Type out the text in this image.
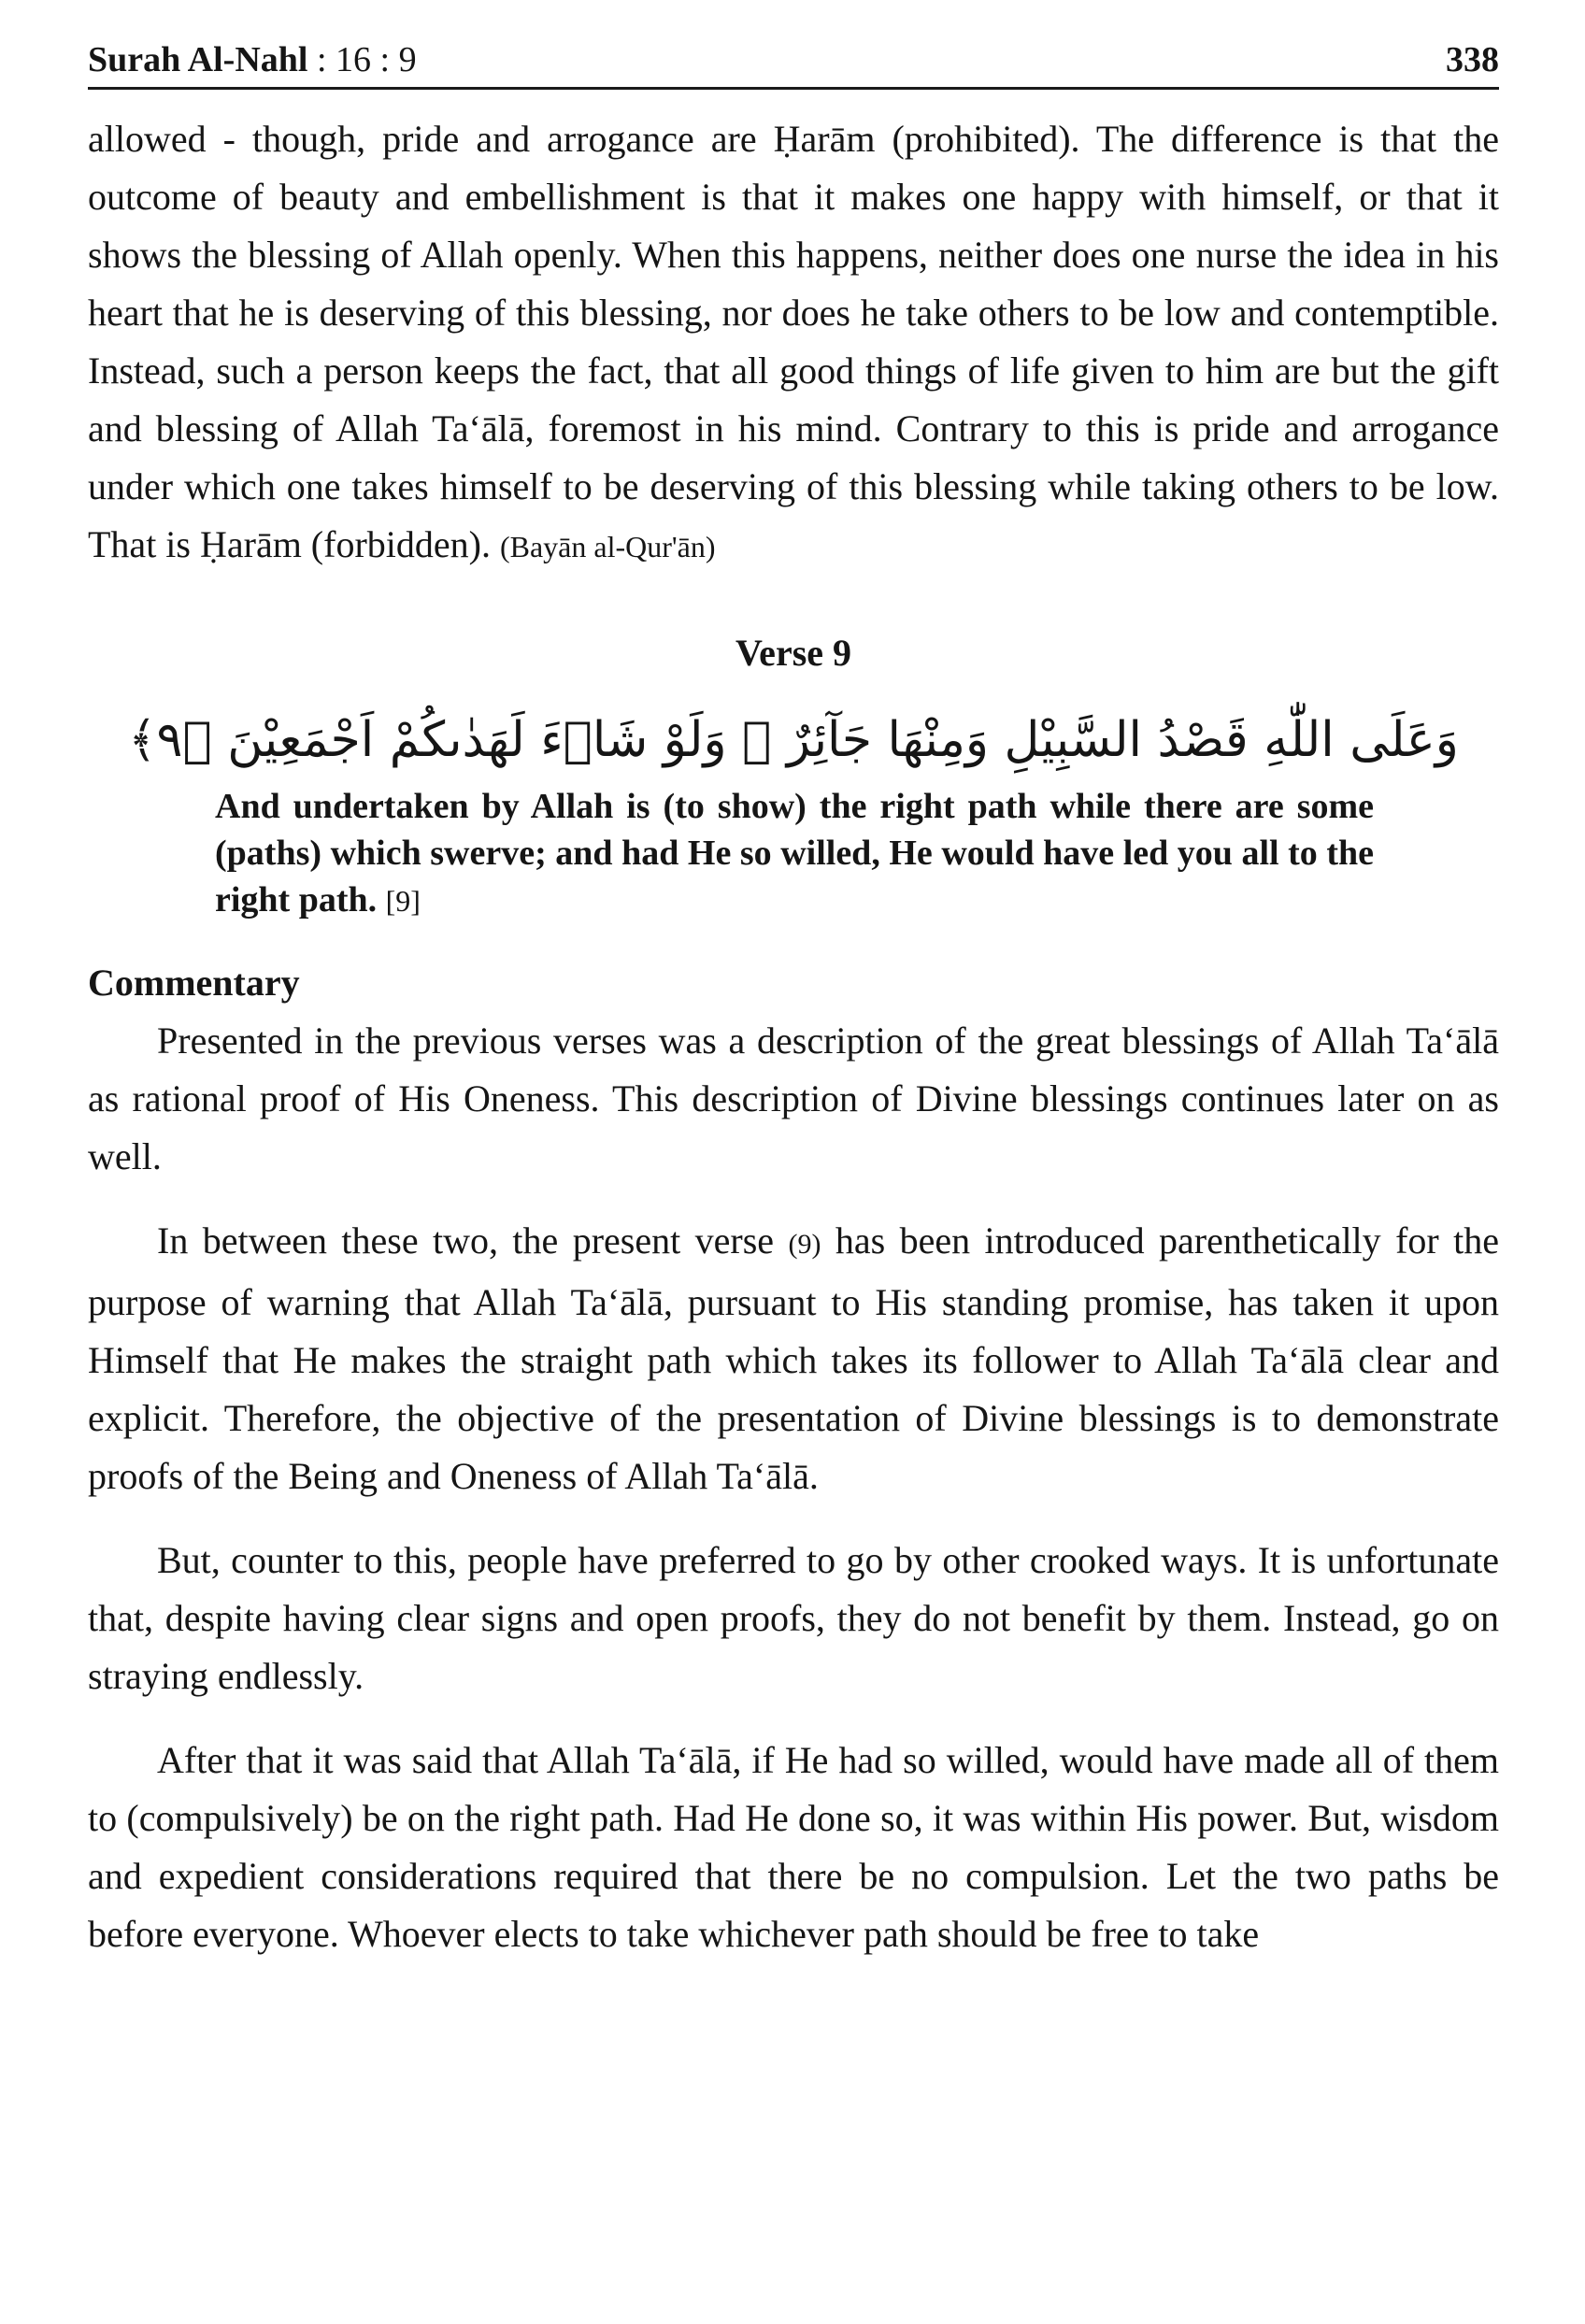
Surah Al-Nahl : 16 : 9	338

allowed - though, pride and arrogance are Ḥarām (prohibited). The difference is that the outcome of beauty and embellishment is that it makes one happy with himself, or that it shows the blessing of Allah openly. When this happens, neither does one nurse the idea in his heart that he is deserving of this blessing, nor does he take others to be low and contemptible. Instead, such a person keeps the fact, that all good things of life given to him are but the gift and blessing of Allah Ta‘ālā, foremost in his mind. Contrary to this is pride and arrogance under which one takes himself to be deserving of this blessing while taking others to be low. That is Ḥarām (forbidden). (Bayān al-Qur'ān)

Verse 9
وَعَلَى اللّٰهِ قَصْدُ السَّبِيْلِ وَمِنْهَا جَآئِرٌ ۭ وَلَوْ شَاۗءَ لَهَدٰىكُمْ اَجْمَعِيْنَ ﴿٩﴾
And undertaken by Allah is (to show) the right path while there are some (paths) which swerve; and had He so willed, He would have led you all to the right path. [9]
Commentary

Presented in the previous verses was a description of the great blessings of Allah Ta‘ālā as rational proof of His Oneness. This description of Divine blessings continues later on as well.

In between these two, the present verse (9) has been introduced parenthetically for the purpose of warning that Allah Ta‘ālā, pursuant to His standing promise, has taken it upon Himself that He makes the straight path which takes its follower to Allah Ta‘ālā clear and explicit. Therefore, the objective of the presentation of Divine blessings is to demonstrate proofs of the Being and Oneness of Allah Ta‘ālā.

But, counter to this, people have preferred to go by other crooked ways. It is unfortunate that, despite having clear signs and open proofs, they do not benefit by them. Instead, go on straying endlessly.

After that it was said that Allah Ta‘ālā, if He had so willed, would have made all of them to (compulsively) be on the right path. Had He done so, it was within His power. But, wisdom and expedient considerations required that there be no compulsion. Let the two paths be before everyone. Whoever elects to take whichever path should be free to take
